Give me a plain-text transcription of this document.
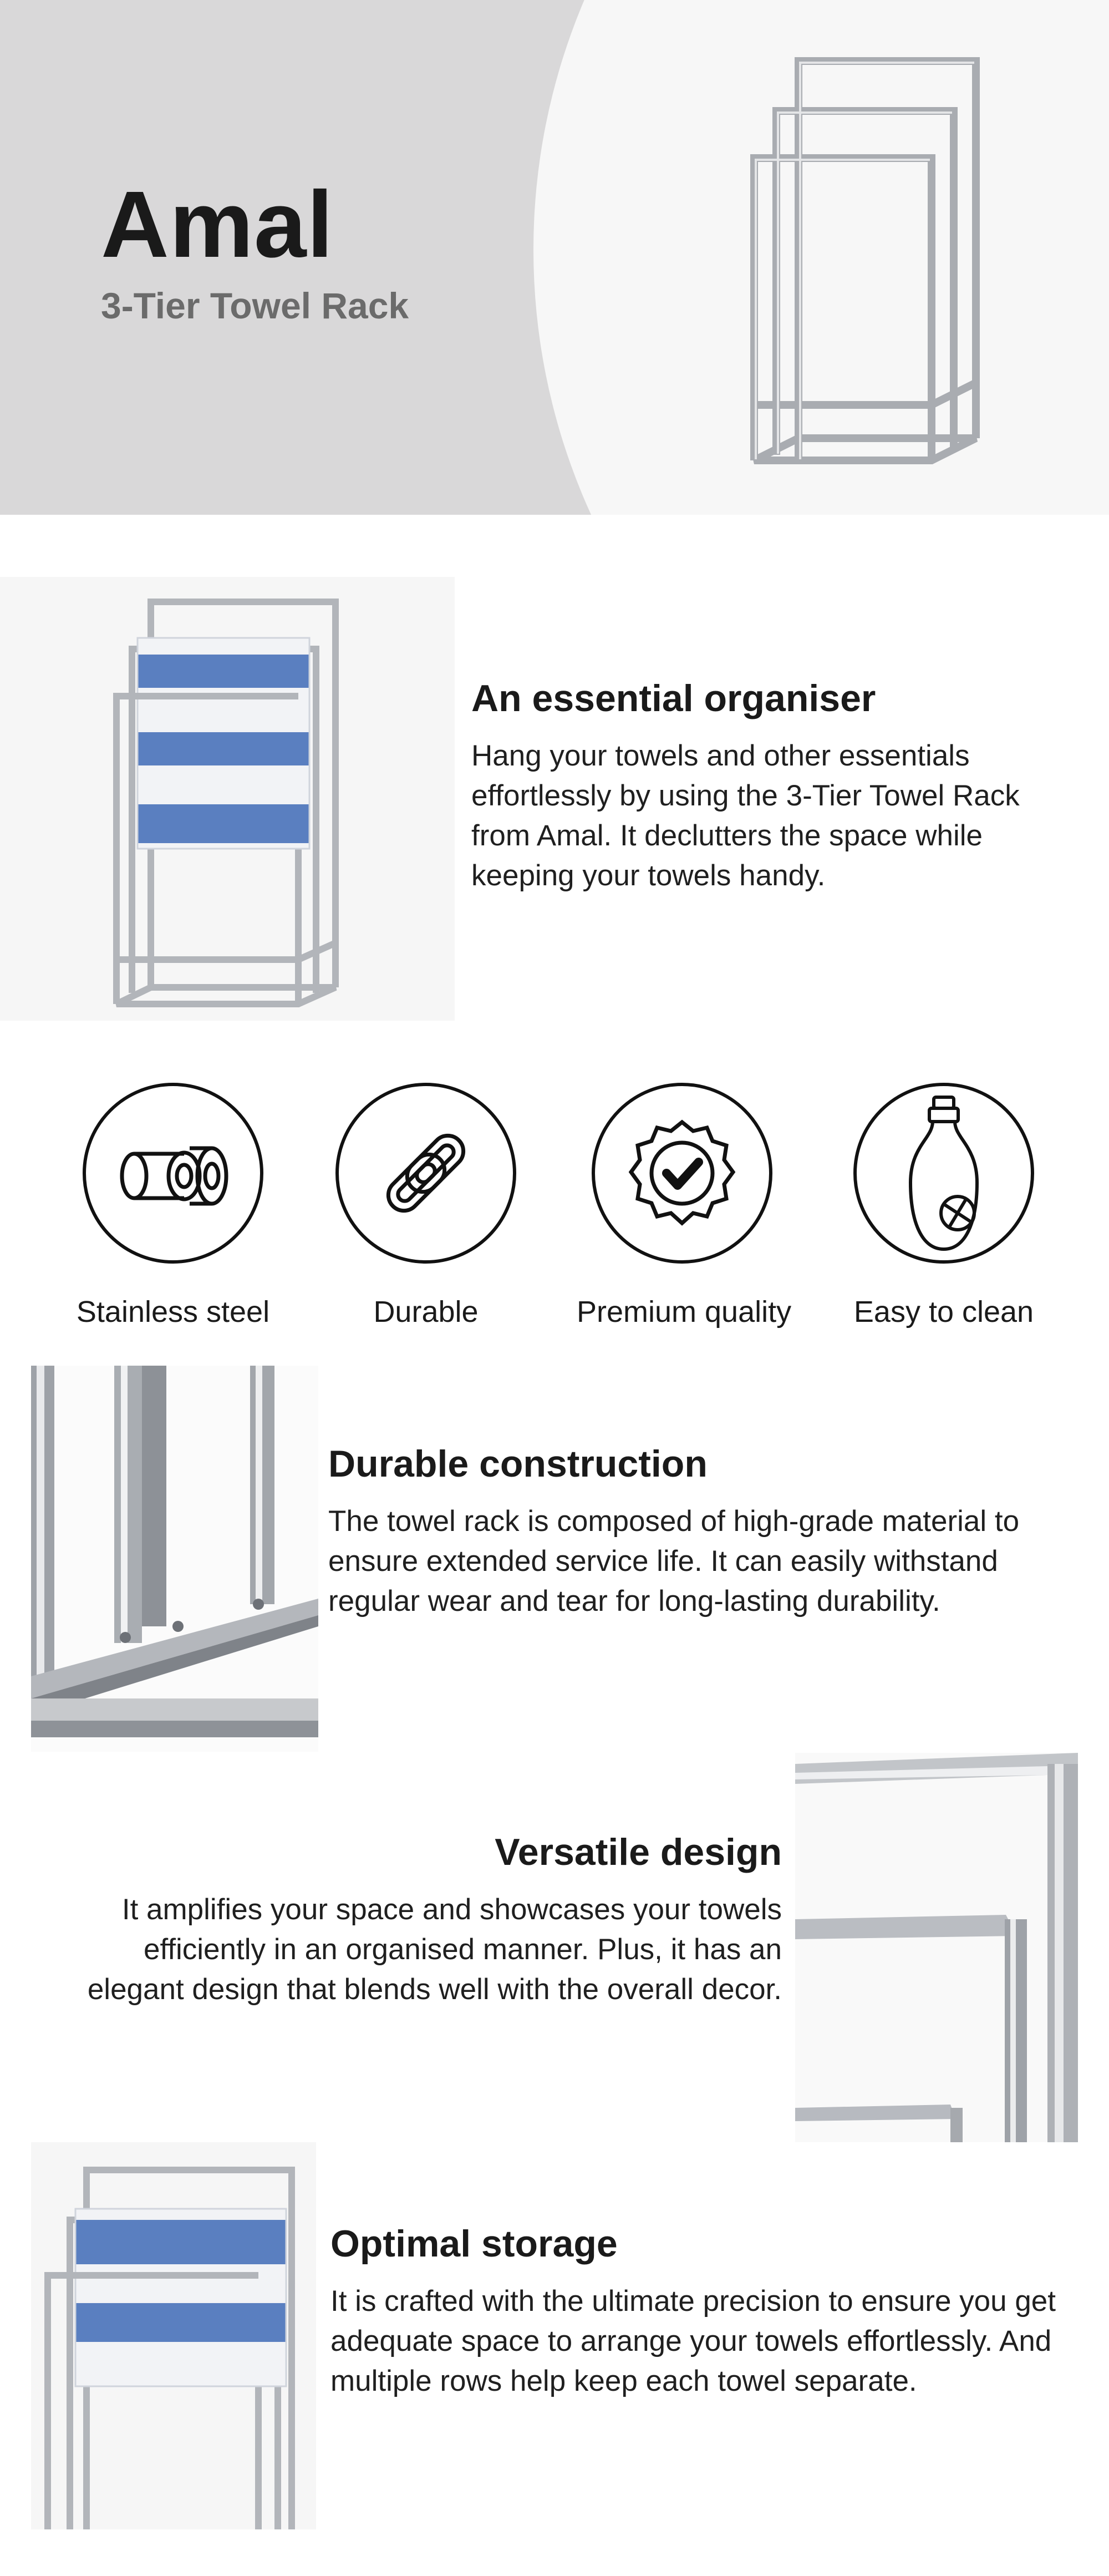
Amal
3-Tier Towel Rack
An essential organiser

Hang your towels and other essentials effortlessly by using the 3-Tier Towel Rack from Amal. It declutters the space while keeping your towels handy.

Stainless steel	Durable	Premium quality	Easy to clean
Durable construction

The towel rack is composed of high-grade material to ensure extended service life. It can easily withstand regular wear and tear for long-lasting durability.

Versatile design

It amplifies your space and showcases your towels efficiently in an organised manner. Plus, it has an elegant design that blends well with the overall decor.

Optimal storage

It is crafted with the ultimate precision to ensure you get adequate space to arrange your towels effortlessly. And multiple rows help keep each towel separate.
